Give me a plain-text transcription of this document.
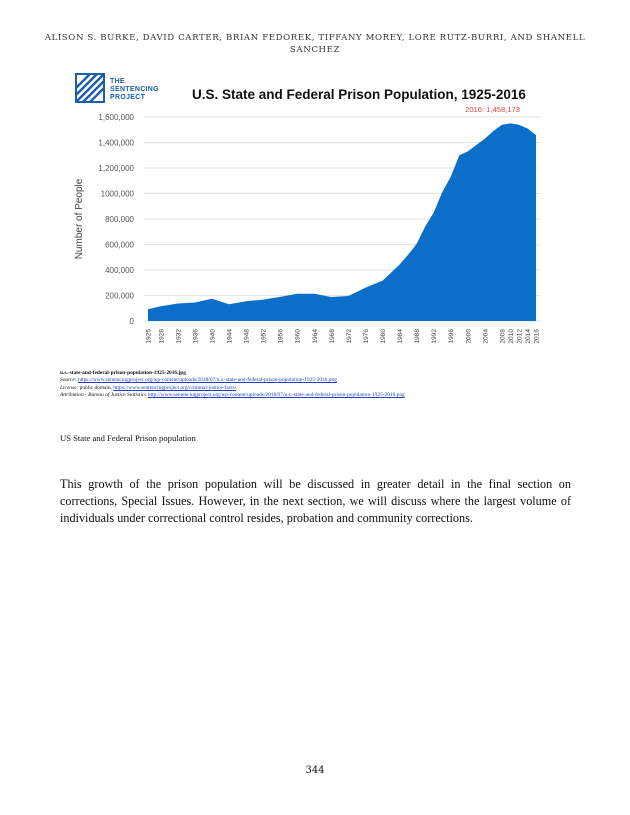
ALISON S. BURKE, DAVID CARTER, BRIAN FEDOREK, TIFFANY MOREY, LORE RUTZ-BURRI, AND SHANELL SANCHEZ
0
200,000
400,000
600,000
800,000
1000,000
1,200,000
1,400,000
1,600,000
1925 1928 1932 1936 1940 1944 1948 1952 1956 1960 1964 1968 1972 1976 1980 1984 1988 1992 1996 2000 2004 2008 2010 2012 2014 2016
Number of People
2016: 1,458,173
THE
SENTENCING
PROJECT	U.S. State and Federal Prison Population, 1925-2016
u.s.-state-and-federal-prison-population-1925-2016.jpg
Source: https://www.sentencingproject.org/wp-content/uploads/2018/07/u.s.-state-and-federal-prison-population-1925-2016.png
License: public domain, https://www.sentencingproject.org/criminal-justice-facts/
Attribution - Bureau of Justice Statistics http://www.sentencingproject.org/wp-content/uploads/2018/07/u.s.-state-and-federal-prison-population-1925-2016.png
US State and Federal Prison population

This growth of the prison population will be discussed in greater detail in the final section on corrections, Special Issues. However, in the next section, we will discuss where the largest volume of individuals under correctional control resides, probation and community corrections.

344
